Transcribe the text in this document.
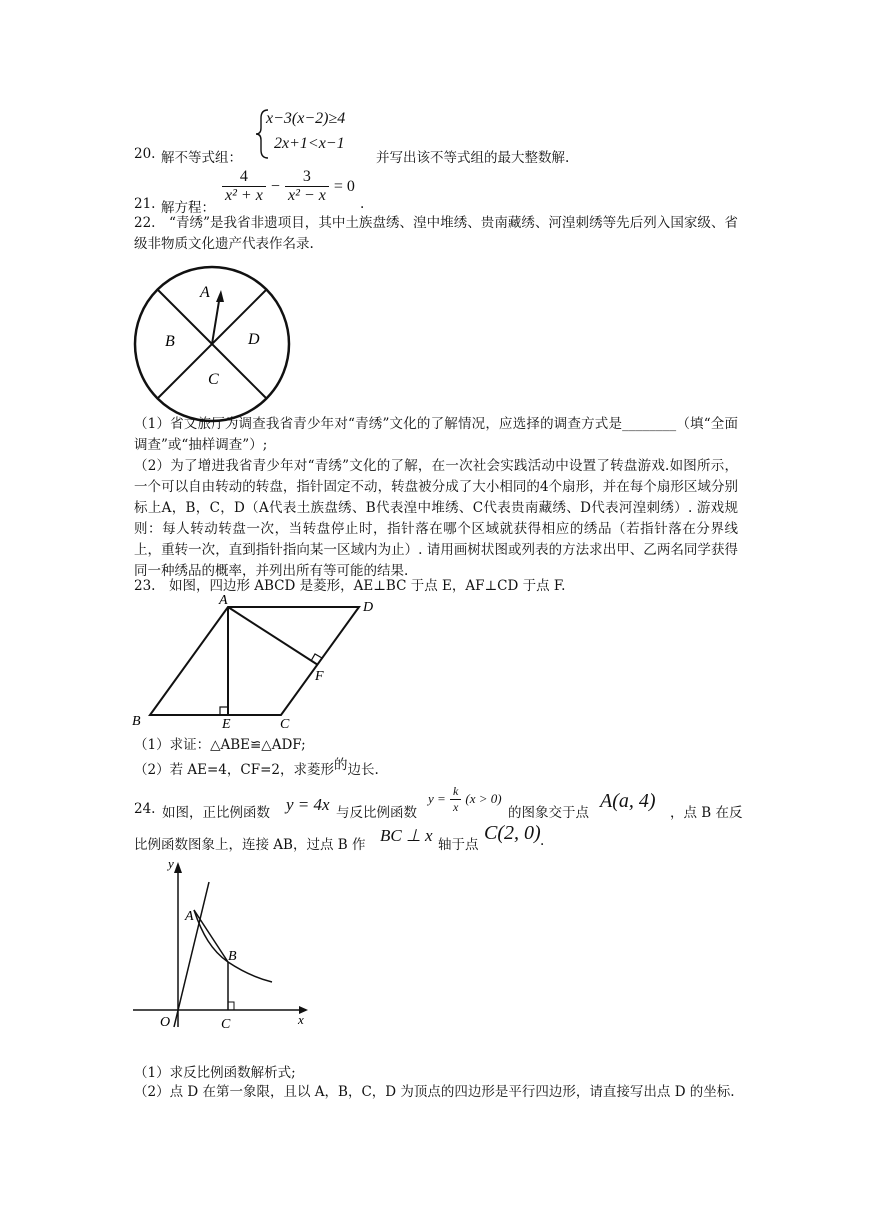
20. 解不等式组：
x−3(x−2)≥4
2x+1<x−1
并写出该不等式组的最大整数解.
21. 解方程：
$\frac{4}{\text{x² + x}} - \frac{3}{\text{x² − x}} = 0$
.
22.　“青绣”是我省非遗项目，其中土族盘绣、湟中堆绣、贵南藏绣、河湟刺绣等先后列入国家级、省级非物质文化遗产代表作名录.
A
B
C
D
（1）省文旅厅为调查我省青少年对“青绣”文化的了解情况，应选择的调查方式是________（填“全面调查”或“抽样调查”）;
（2）为了增进我省青少年对“青绣”文化的了解，在一次社会实践活动中设置了转盘游戏.如图所示，一个可以自由转动的转盘，指针固定不动，转盘被分成了大小相同的4个扇形，并在每个扇形区域分别标上A，B，C，D（A代表土族盘绣、B代表湟中堆绣、C代表贵南藏绣、D代表河湟刺绣）. 游戏规则：每人转动转盘一次，当转盘停止时，指针落在哪个区域就获得相应的绣品（若指针落在分界线上，重转一次，直到指针指向某一区域内为止）. 请用画树状图或列表的方法求出甲、乙两名同学获得同一种绣品的概率，并列出所有等可能的结果.
23.　如图，四边形 ABCD 是菱形，AE⊥BC 于点 E，AF⊥CD 于点 F.
A	D
B	E	C
F
（1）求证：△ABE≌△ADF;
（2）若 AE=4，CF=2，求菱形的边长.
24. 如图，正比例函数 y = 4x 与反比例函数
$y = \frac{k}{x} (x > 0)$
的图象交于点
A(a, 4)
，点 B 在反
比例函数图象上，连接 AB，过点 B 作 BC ⊥ x 轴于点
C(2, 0) .
y
x
O
A
B
C
（1）求反比例函数解析式;
（2）点 D 在第一象限，且以 A，B，C，D 为顶点的四边形是平行四边形，请直接写出点 D 的坐标.
